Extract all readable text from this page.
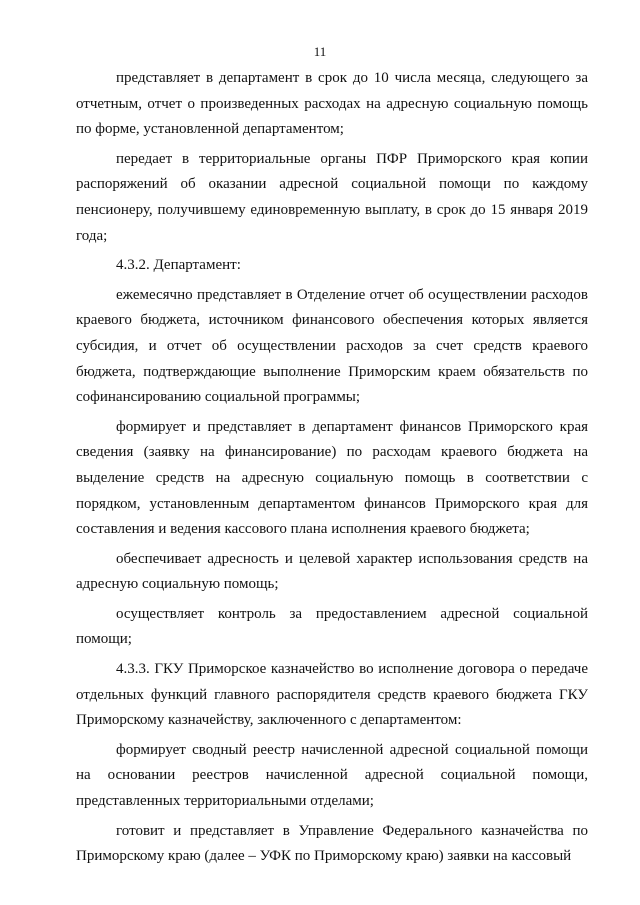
11

представляет в департамент в срок до 10 числа месяца, следующего за отчетным, отчет о произведенных расходах на адресную социальную помощь по форме, установленной департаментом;

передает в территориальные органы ПФР Приморского края копии распоряжений об оказании адресной социальной помощи по каждому пенсионеру, получившему единовременную выплату, в срок до 15 января 2019 года;

4.3.2. Департамент:

ежемесячно представляет в Отделение отчет об осуществлении расходов краевого бюджета, источником финансового обеспечения которых является субсидия, и отчет об осуществлении расходов за счет средств краевого бюджета, подтверждающие выполнение Приморским краем обязательств по софинансированию социальной программы;

формирует и представляет в департамент финансов Приморского края сведения (заявку на финансирование) по расходам краевого бюджета на выделение средств на адресную социальную помощь в соответствии с порядком, установленным департаментом финансов Приморского края для составления и ведения кассового плана исполнения краевого бюджета;

обеспечивает адресность и целевой характер использования средств на адресную социальную помощь;

осуществляет контроль за предоставлением адресной социальной помощи;

4.3.3. ГКУ Приморское казначейство во исполнение договора о передаче отдельных функций главного распорядителя средств краевого бюджета ГКУ Приморскому казначейству, заключенного с департаментом:

формирует сводный реестр начисленной адресной социальной помощи на основании реестров начисленной адресной социальной помощи, представленных территориальными отделами;

готовит и представляет в Управление Федерального казначейства по Приморскому краю (далее – УФК по Приморскому краю) заявки на кассовый
